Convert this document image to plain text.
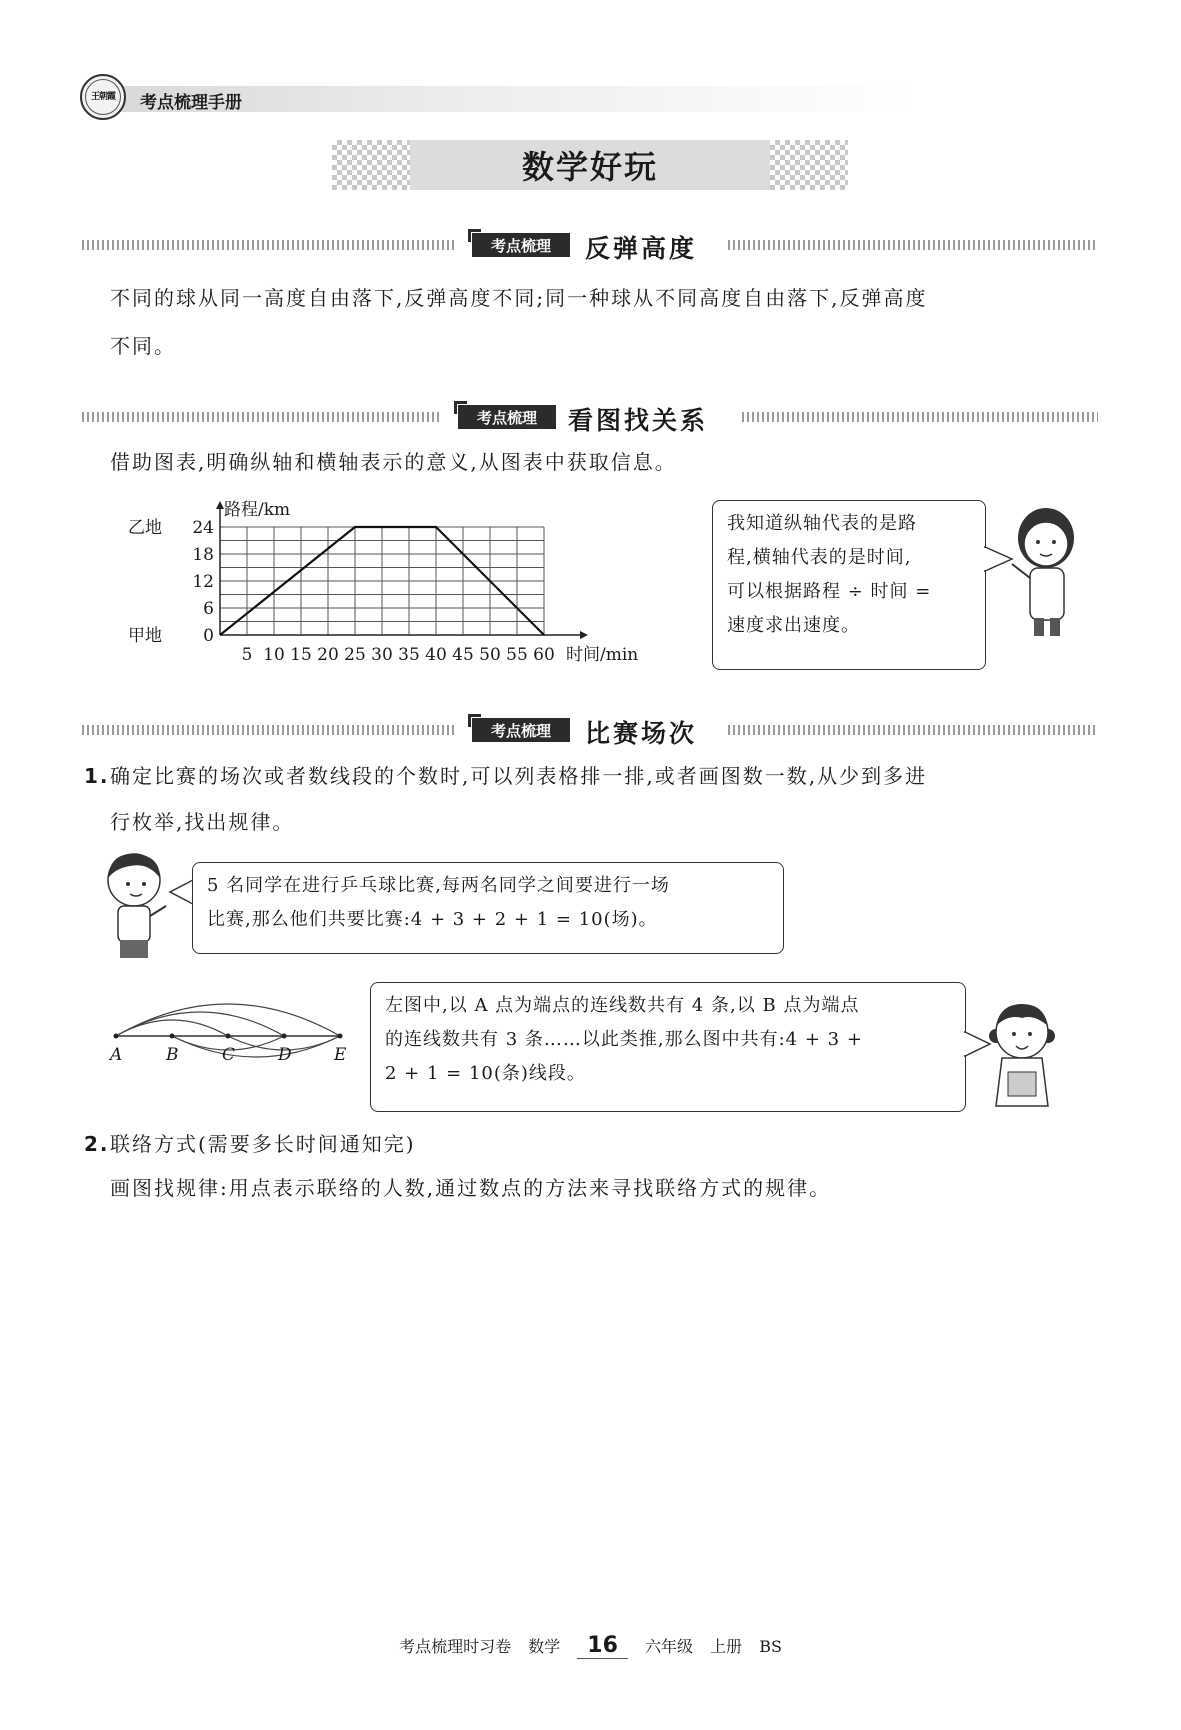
王朝霞	考点梳理手册
数学好玩
考点梳理	反弹高度
不同的球从同一高度自由落下,反弹高度不同;同一种球从不同高度自由落下,反弹高度
不同。
考点梳理	看图找关系
借助图表,明确纵轴和横轴表示的意义,从图表中获取信息。
路程/km
时间/min
5 10 15 20 25 30 35 40 45 50 55 60
0
6
12
18
24
乙地
甲地
我知道纵轴代表的是路
程,横轴代表的是时间,
可以根据路程 ÷ 时间 =
速度求出速度。
考点梳理	比赛场次
1. 确定比赛的场次或者数线段的个数时,可以列表格排一排,或者画图数一数,从少到多进
行枚举,找出规律。
5 名同学在进行乒乓球比赛,每两名同学之间要进行一场
比赛,那么他们共要比赛:4 + 3 + 2 + 1 = 10(场)。
A	B	C	D E
左图中,以 A 点为端点的连线数共有 4 条,以 B 点为端点
的连线数共有 3 条……以此类推,那么图中共有:4 + 3 +
2 + 1 = 10(条)线段。
2. 联络方式(需要多长时间通知完)
画图找规律:用点表示联络的人数,通过数点的方法来寻找联络方式的规律。
考点梳理时习卷 数学 16 六年级 上册 BS
